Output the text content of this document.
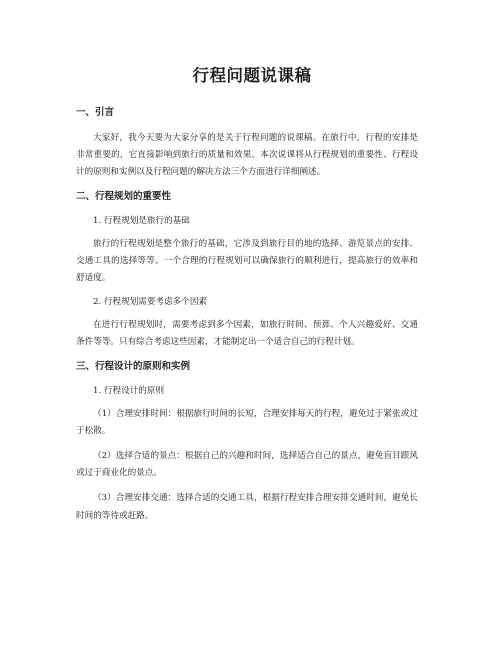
行程问题说课稿
一、引言

大家好，我今天要为大家分享的是关于行程问题的说课稿。在旅行中，行程的安排是非常重要的，它直接影响到旅行的质量和效果。本次说课将从行程规划的重要性、行程设计的原则和实例以及行程问题的解决方法三个方面进行详细阐述。

二、行程规划的重要性

1. 行程规划是旅行的基础

旅行的行程规划是整个旅行的基础，它涉及到旅行目的地的选择、游览景点的安排、交通工具的选择等等。一个合理的行程规划可以确保旅行的顺利进行，提高旅行的效率和舒适度。

2. 行程规划需要考虑多个因素

在进行行程规划时，需要考虑到多个因素，如旅行时间、预算、个人兴趣爱好、交通条件等等。只有综合考虑这些因素，才能制定出一个适合自己的行程计划。

三、行程设计的原则和实例

1. 行程设计的原则

（1）合理安排时间：根据旅行时间的长短，合理安排每天的行程，避免过于紧张或过于松散。

（2）选择合适的景点：根据自己的兴趣和时间，选择适合自己的景点，避免盲目跟风或过于商业化的景点。

（3）合理安排交通：选择合适的交通工具，根据行程安排合理安排交通时间，避免长时间的等待或赶路。
